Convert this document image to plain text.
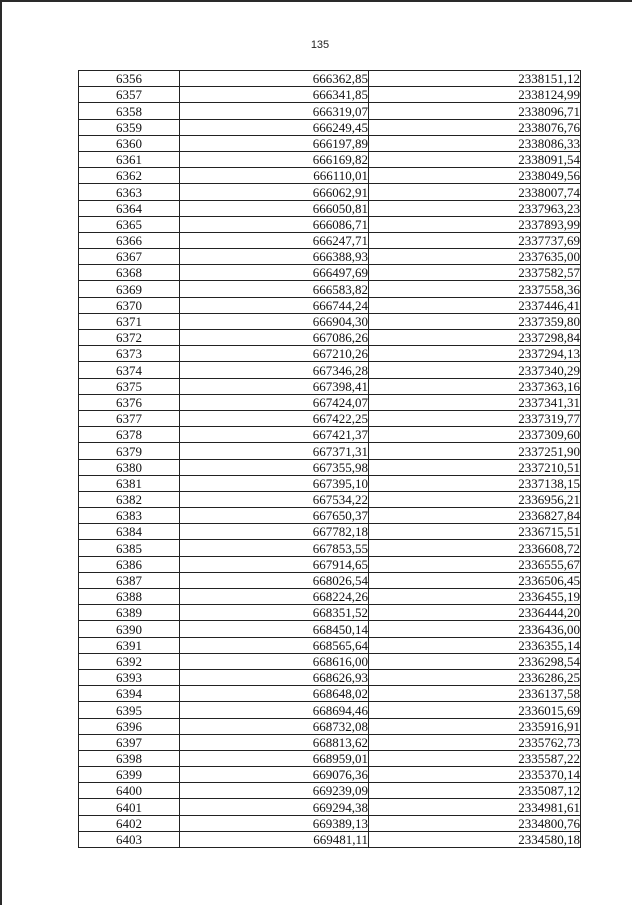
135
6356	666362,85	2338151,12
6357	666341,85	2338124,99
6358	666319,07	2338096,71
6359	666249,45	2338076,76
6360	666197,89	2338086,33
6361	666169,82	2338091,54
6362	666110,01	2338049,56
6363	666062,91	2338007,74
6364	666050,81	2337963,23
6365	666086,71	2337893,99
6366	666247,71	2337737,69
6367	666388,93	2337635,00
6368	666497,69	2337582,57
6369	666583,82	2337558,36
6370	666744,24	2337446,41
6371	666904,30	2337359,80
6372	667086,26	2337298,84
6373	667210,26	2337294,13
6374	667346,28	2337340,29
6375	667398,41	2337363,16
6376	667424,07	2337341,31
6377	667422,25	2337319,77
6378	667421,37	2337309,60
6379	667371,31	2337251,90
6380	667355,98	2337210,51
6381	667395,10	2337138,15
6382	667534,22	2336956,21
6383	667650,37	2336827,84
6384	667782,18	2336715,51
6385	667853,55	2336608,72
6386	667914,65	2336555,67
6387	668026,54	2336506,45
6388	668224,26	2336455,19
6389	668351,52	2336444,20
6390	668450,14	2336436,00
6391	668565,64	2336355,14
6392	668616,00	2336298,54
6393	668626,93	2336286,25
6394	668648,02	2336137,58
6395	668694,46	2336015,69
6396	668732,08	2335916,91
6397	668813,62	2335762,73
6398	668959,01	2335587,22
6399	669076,36	2335370,14
6400	669239,09	2335087,12
6401	669294,38	2334981,61
6402	669389,13	2334800,76
6403	669481,11	2334580,18
